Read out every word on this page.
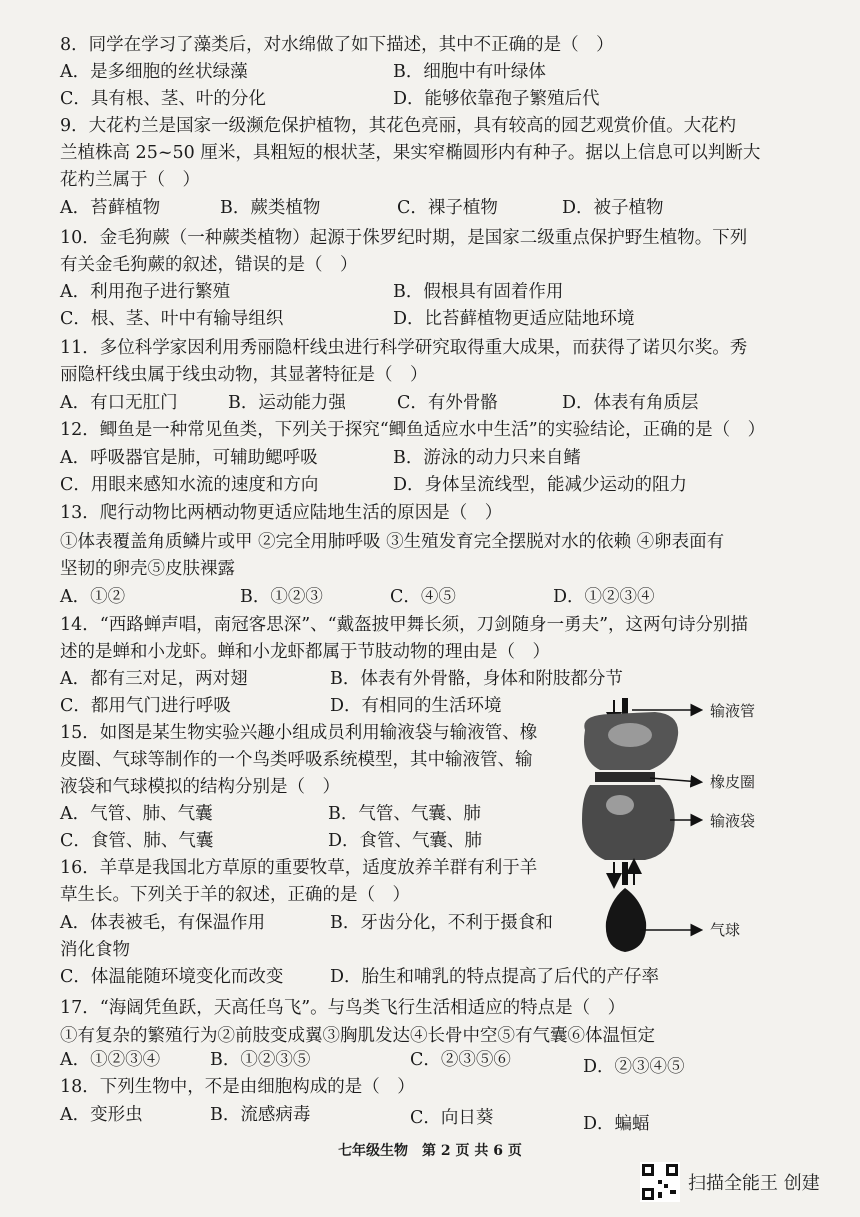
8．同学在学习了藻类后，对水绵做了如下描述，其中不正确的是（　）
A．是多细胞的丝状绿藻	B．细胞中有叶绿体
C．具有根、茎、叶的分化	D．能够依靠孢子繁殖后代
9．大花杓兰是国家一级濒危保护植物，其花色亮丽，具有较高的园艺观赏价值。大花杓
兰植株高 25~50 厘米，具粗短的根状茎，果实窄椭圆形内有种子。据以上信息可以判断大
花杓兰属于（　）
A．苔藓植物	B．蕨类植物	C．裸子植物	D．被子植物
10．金毛狗蕨（一种蕨类植物）起源于侏罗纪时期，是国家二级重点保护野生植物。下列
有关金毛狗蕨的叙述，错误的是（　）
A．利用孢子进行繁殖	B．假根具有固着作用
C．根、茎、叶中有输导组织	D．比苔藓植物更适应陆地环境
11．多位科学家因利用秀丽隐杆线虫进行科学研究取得重大成果，而获得了诺贝尔奖。秀
丽隐杆线虫属于线虫动物，其显著特征是（　）
A．有口无肛门	B．运动能力强	C．有外骨骼	D．体表有角质层
12．鲫鱼是一种常见鱼类，下列关于探究“鲫鱼适应水中生活”的实验结论，正确的是（　）
A．呼吸器官是肺，可辅助鳃呼吸	B．游泳的动力只来自鳍
C．用眼来感知水流的速度和方向	D．身体呈流线型，能减少运动的阻力
13．爬行动物比两栖动物更适应陆地生活的原因是（　）
①体表覆盖角质鳞片或甲 ②完全用肺呼吸 ③生殖发育完全摆脱对水的依赖 ④卵表面有
坚韧的卵壳⑤皮肤裸露
A．①②	B．①②③	C．④⑤	D．①②③④
14．“西路蝉声唱，南冠客思深”、“戴盔披甲舞长须，刀剑随身一勇夫”，这两句诗分别描
述的是蝉和小龙虾。蝉和小龙虾都属于节肢动物的理由是（　）
A．都有三对足，两对翅	B．体表有外骨骼，身体和附肢都分节
C．都用气门进行呼吸	D．有相同的生活环境
15．如图是某生物实验兴趣小组成员利用输液袋与输液管、橡
皮圈、气球等制作的一个鸟类呼吸系统模型，其中输液管、输
液袋和气球模拟的结构分别是（　）
A．气管、肺、气囊	B．气管、气囊、肺
C．食管、肺、气囊	D．食管、气囊、肺
16．羊草是我国北方草原的重要牧草，适度放养羊群有利于羊
草生长。下列关于羊的叙述，正确的是（　）
A．体表被毛，有保温作用	B．牙齿分化，不利于摄食和
消化食物
C．体温能随环境变化而改变	D．胎生和哺乳的特点提高了后代的产仔率
17．“海阔凭鱼跃，天高任鸟飞”。与鸟类飞行生活相适应的特点是（　）
①有复杂的繁殖行为②前肢变成翼③胸肌发达④长骨中空⑤有气囊⑥体温恒定
A．①②③④	B．①②③⑤	C．②③⑤⑥	D．②③④⑤
18．下列生物中，不是由细胞构成的是（　）
A．变形虫	B．流感病毒	C．向日葵	D．蝙蝠
输液管
橡皮圈
输液袋
气球
七年级生物　第 2 页 共 6 页
扫描全能王 创建
